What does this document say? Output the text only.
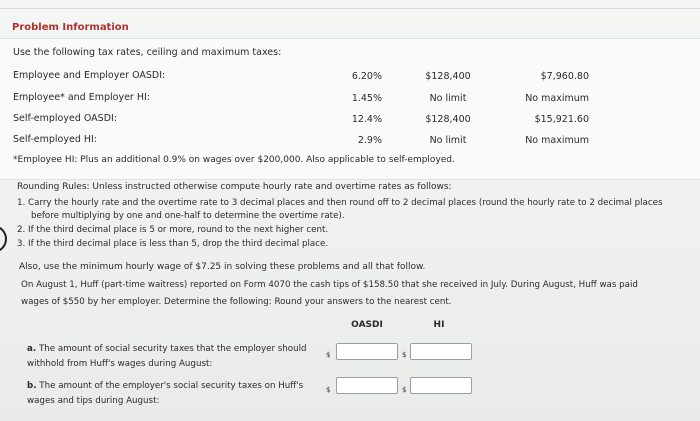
Problem Information
Use the following tax rates, ceiling and maximum taxes:
Employee and Employer OASDI:	6.20%	$128,400	$7,960.80
Employee* and Employer HI:	1.45%	No limit	No maximum
Self-employed OASDI:	12.4%	$128,400	$15,921.60
Self-employed HI:	2.9%	No limit	No maximum
*Employee HI: Plus an additional 0.9% on wages over $200,000. Also applicable to self-employed.
Rounding Rules: Unless instructed otherwise compute hourly rate and overtime rates as follows:
1. Carry the hourly rate and the overtime rate to 3 decimal places and then round off to 2 decimal places (round the hourly rate to 2 decimal places
before multiplying by one and one-half to determine the overtime rate).
2. If the third decimal place is 5 or more, round to the next higher cent.
3. If the third decimal place is less than 5, drop the third decimal place.
Also, use the minimum hourly wage of $7.25 in solving these problems and all that follow.
On August 1, Huff (part-time waitress) reported on Form 4070 the cash tips of $158.50 that she received in July. During August, Huff was paid
wages of $550 by her employer. Determine the following: Round your answers to the nearest cent.
OASDI	HI
a. The amount of social security taxes that the employer should
withhold from Huff's wages during August:
$	$
b. The amount of the employer's social security taxes on Huff's
wages and tips during August:
$	$
